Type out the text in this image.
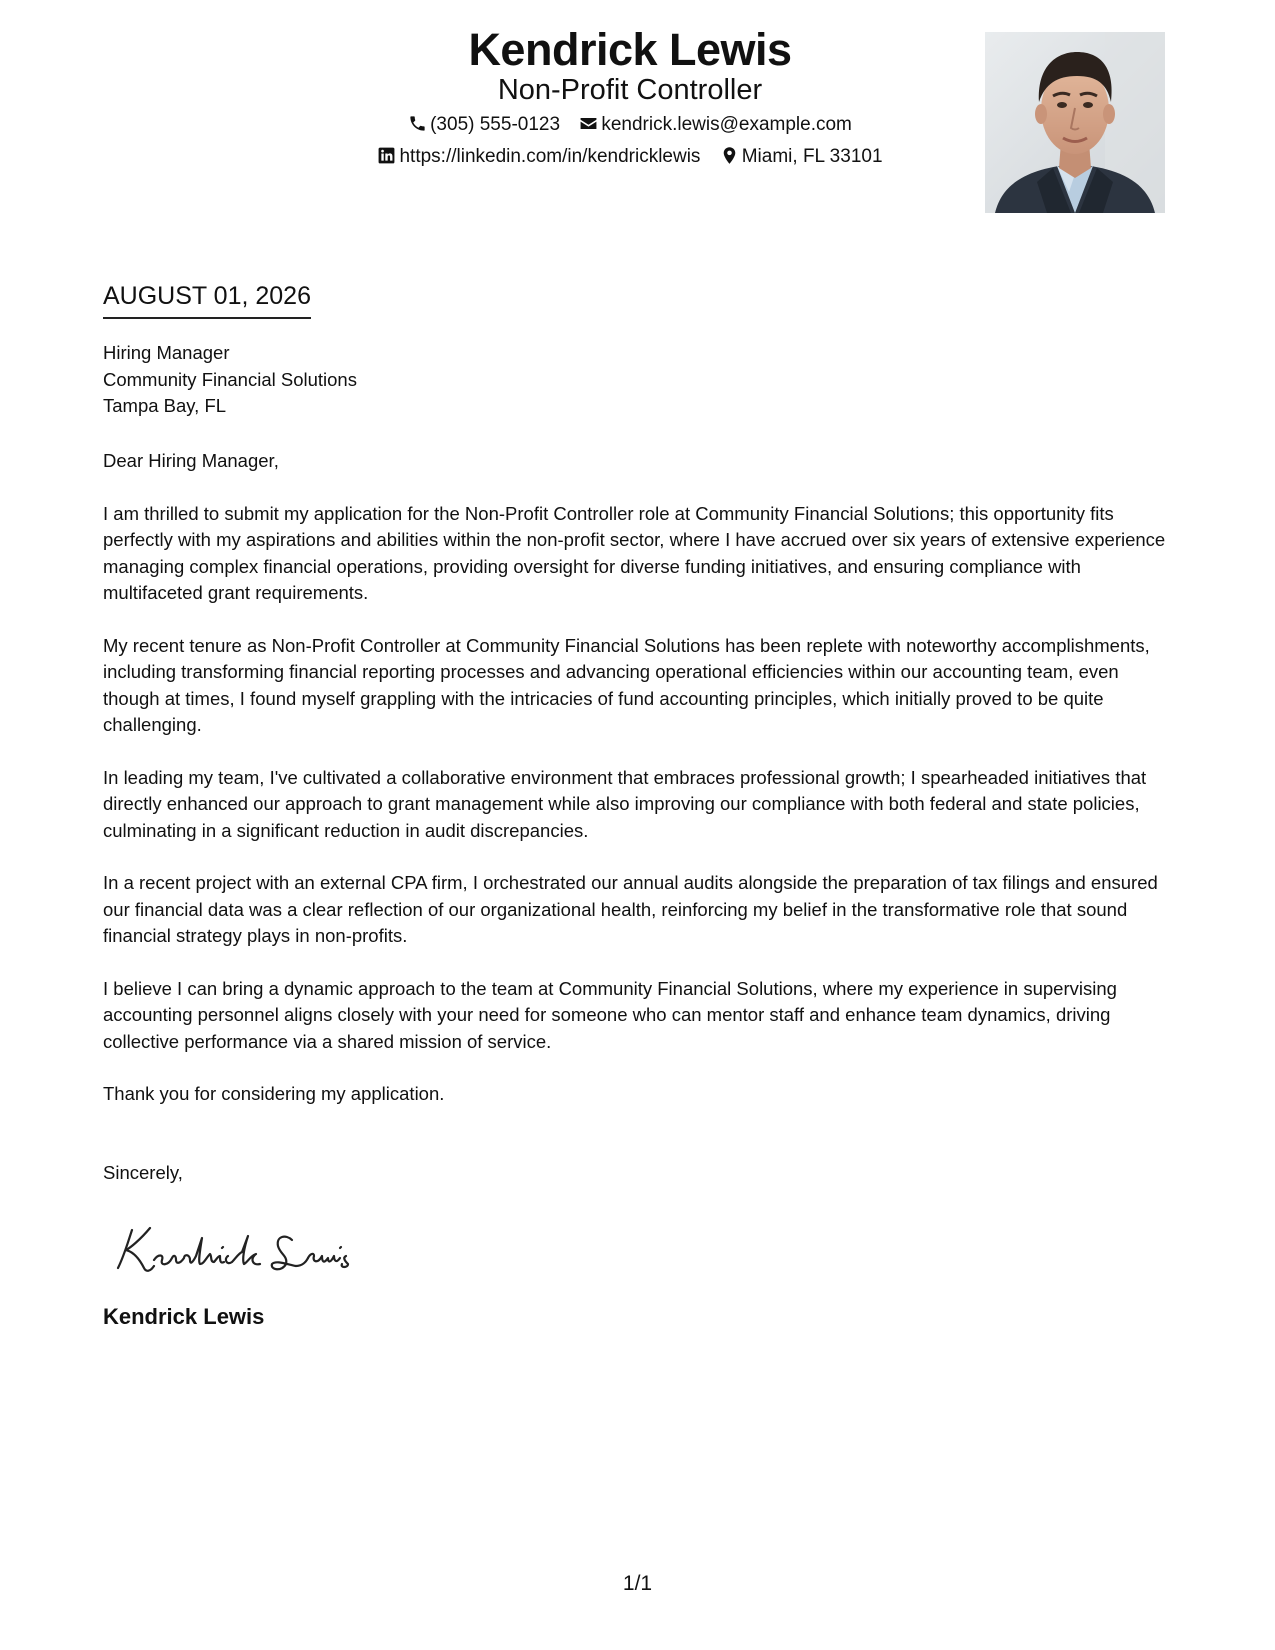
Kendrick Lewis
Non-Profit Controller
(305) 555-0123 kendrick.lewis@example.com
https://linkedin.com/in/kendricklewis Miami, FL 33101
AUGUST 01, 2026
Hiring Manager
Community Financial Solutions
Tampa Bay, FL

Dear Hiring Manager,

I am thrilled to submit my application for the Non-Profit Controller role at Community Financial Solutions; this opportunity fits perfectly with my aspirations and abilities within the non-profit sector, where I have accrued over six years of extensive experience managing complex financial operations, providing oversight for diverse funding initiatives, and ensuring compliance with multifaceted grant requirements.

My recent tenure as Non-Profit Controller at Community Financial Solutions has been replete with noteworthy accomplishments, including transforming financial reporting processes and advancing operational efficiencies within our accounting team, even though at times, I found myself grappling with the intricacies of fund accounting principles, which initially proved to be quite challenging.

In leading my team, I've cultivated a collaborative environment that embraces professional growth; I spearheaded initiatives that directly enhanced our approach to grant management while also improving our compliance with both federal and state policies, culminating in a significant reduction in audit discrepancies.

In a recent project with an external CPA firm, I orchestrated our annual audits alongside the preparation of tax filings and ensured our financial data was a clear reflection of our organizational health, reinforcing my belief in the transformative role that sound financial strategy plays in non-profits.

I believe I can bring a dynamic approach to the team at Community Financial Solutions, where my experience in supervising accounting personnel aligns closely with your need for someone who can mentor staff and enhance team dynamics, driving collective performance via a shared mission of service.

Thank you for considering my application.

Sincerely,
Kendrick Lewis
1/1
